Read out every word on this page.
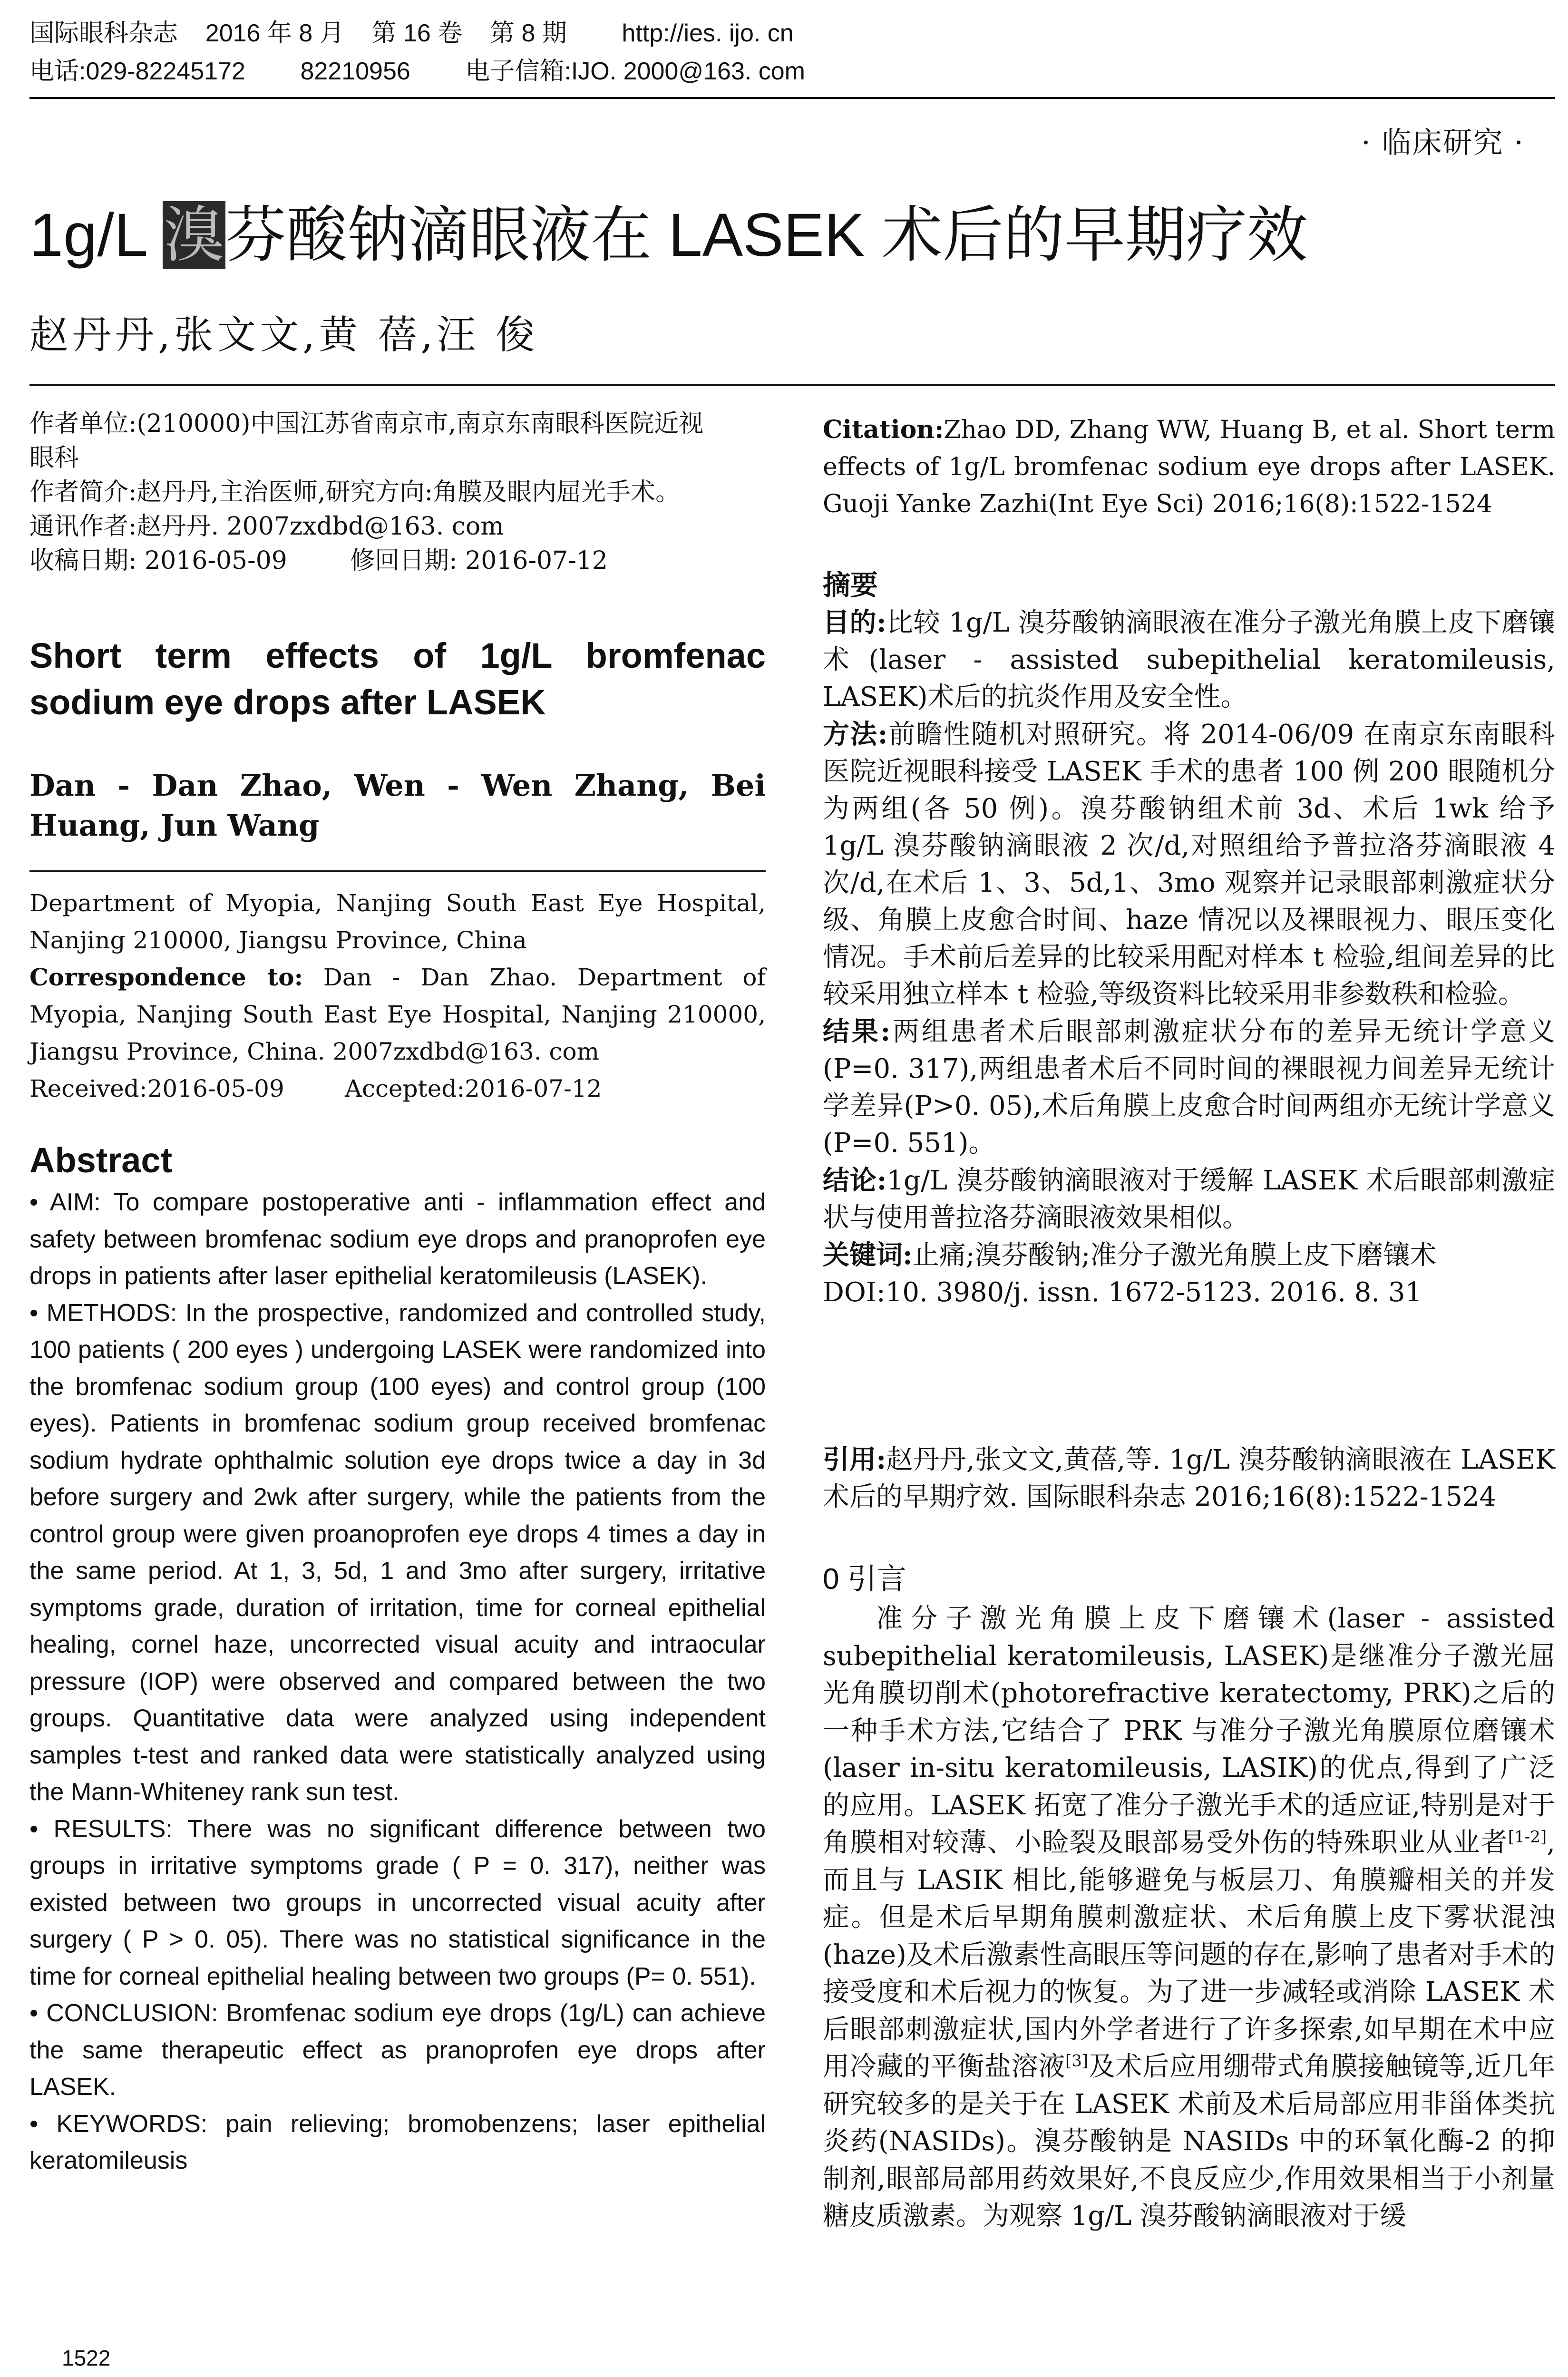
国际眼科杂志    2016 年 8 月    第 16 卷    第 8 期        http://ies. ijo. cn
电话:029-82245172        82210956        电子信箱:IJO. 2000@163. com
· 临床研究 ·
1g/L 溴芬酸钠滴眼液在 LASEK 术后的早期疗效
赵丹丹,张文文,黄 蓓,汪 俊
作者单位:(210000)中国江苏省南京市,南京东南眼科医院近视
眼科
作者简介:赵丹丹,主治医师,研究方向:角膜及眼内屈光手术。
通讯作者:赵丹丹. 2007zxdbd@163. com
收稿日期: 2016-05-09        修回日期: 2016-07-12
Short term effects of 1g/L bromfenac
sodium eye drops after LASEK
Dan - Dan Zhao, Wen - Wen Zhang, Bei Huang, Jun Wang
Department of Myopia, Nanjing South East Eye Hospital, Nanjing 210000, Jiangsu Province, China
Correspondence to: Dan - Dan Zhao. Department of Myopia, Nanjing South East Eye Hospital, Nanjing 210000, Jiangsu Province, China. 2007zxdbd@163. com
Received:2016-05-09        Accepted:2016-07-12
Abstract
• AIM: To compare postoperative anti - inflammation effect and safety between bromfenac sodium eye drops and pranoprofen eye drops in patients after laser epithelial keratomileusis (LASEK).
• METHODS: In the prospective, randomized and controlled study, 100 patients ( 200 eyes ) undergoing LASEK were randomized into the bromfenac sodium group (100 eyes) and control group (100 eyes). Patients in bromfenac sodium group received bromfenac sodium hydrate ophthalmic solution eye drops twice a day in 3d before surgery and 2wk after surgery, while the patients from the control group were given proanoprofen eye drops 4 times a day in the same period. At 1, 3, 5d, 1 and 3mo after surgery, irritative symptoms grade, duration of irritation, time for corneal epithelial healing, cornel haze, uncorrected visual acuity and intraocular pressure (IOP) were observed and compared between the two groups. Quantitative data were analyzed using independent samples t-test and ranked data were statistically analyzed using the Mann-Whiteney rank sun test.
• RESULTS: There was no significant difference between two groups in irritative symptoms grade ( P = 0. 317), neither was existed between two groups in uncorrected visual acuity after surgery ( P > 0. 05). There was no statistical significance in the time for corneal epithelial healing between two groups (P= 0. 551).
• CONCLUSION: Bromfenac sodium eye drops (1g/L) can achieve the same therapeutic effect as pranoprofen eye drops after LASEK.
• KEYWORDS: pain relieving; bromobenzens; laser epithelial keratomileusis
1522
Citation:Zhao DD, Zhang WW, Huang B, et al. Short term effects of 1g/L bromfenac sodium eye drops after LASEK. Guoji Yanke Zazhi(Int Eye Sci) 2016;16(8):1522-1524
摘要
目的:比较 1g/L 溴芬酸钠滴眼液在准分子激光角膜上皮下磨镶术(laser - assisted subepithelial keratomileusis, LASEK)术后的抗炎作用及安全性。
方法:前瞻性随机对照研究。将 2014-06/09 在南京东南眼科医院近视眼科接受 LASEK 手术的患者 100 例 200 眼随机分为两组(各 50 例)。溴芬酸钠组术前 3d、术后 1wk 给予 1g/L 溴芬酸钠滴眼液 2 次/d,对照组给予普拉洛芬滴眼液 4 次/d,在术后 1、3、5d,1、3mo 观察并记录眼部刺激症状分级、角膜上皮愈合时间、haze 情况以及裸眼视力、眼压变化情况。手术前后差异的比较采用配对样本 t 检验,组间差异的比较采用独立样本 t 检验,等级资料比较采用非参数秩和检验。
结果:两组患者术后眼部刺激症状分布的差异无统计学意义(P=0. 317),两组患者术后不同时间的裸眼视力间差异无统计学差异(P>0. 05),术后角膜上皮愈合时间两组亦无统计学意义(P=0. 551)。
结论:1g/L 溴芬酸钠滴眼液对于缓解 LASEK 术后眼部刺激症状与使用普拉洛芬滴眼液效果相似。
关键词:止痛;溴芬酸钠;准分子激光角膜上皮下磨镶术
DOI:10. 3980/j. issn. 1672-5123. 2016. 8. 31
引用:赵丹丹,张文文,黄蓓,等. 1g/L 溴芬酸钠滴眼液在 LASEK 术后的早期疗效. 国际眼科杂志 2016;16(8):1522-1524
0 引言
准分子激光角膜上皮下磨镶术(laser - assisted subepithelial keratomileusis, LASEK)是继准分子激光屈光角膜切削术(photorefractive keratectomy, PRK)之后的一种手术方法,它结合了 PRK 与准分子激光角膜原位磨镶术(laser in-situ keratomileusis, LASIK)的优点,得到了广泛的应用。LASEK 拓宽了准分子激光手术的适应证,特别是对于角膜相对较薄、小睑裂及眼部易受外伤的特殊职业从业者[1-2],而且与 LASIK 相比,能够避免与板层刀、角膜瓣相关的并发症。但是术后早期角膜刺激症状、术后角膜上皮下雾状混浊(haze)及术后激素性高眼压等问题的存在,影响了患者对手术的接受度和术后视力的恢复。为了进一步减轻或消除 LASEK 术后眼部刺激症状,国内外学者进行了许多探索,如早期在术中应用冷藏的平衡盐溶液[3]及术后应用绷带式角膜接触镜等,近几年研究较多的是关于在 LASEK 术前及术后局部应用非甾体类抗炎药(NASIDs)。溴芬酸钠是 NASIDs 中的环氧化酶-2 的抑制剂,眼部局部用药效果好,不良反应少,作用效果相当于小剂量糖皮质激素。为观察 1g/L 溴芬酸钠滴眼液对于缓
